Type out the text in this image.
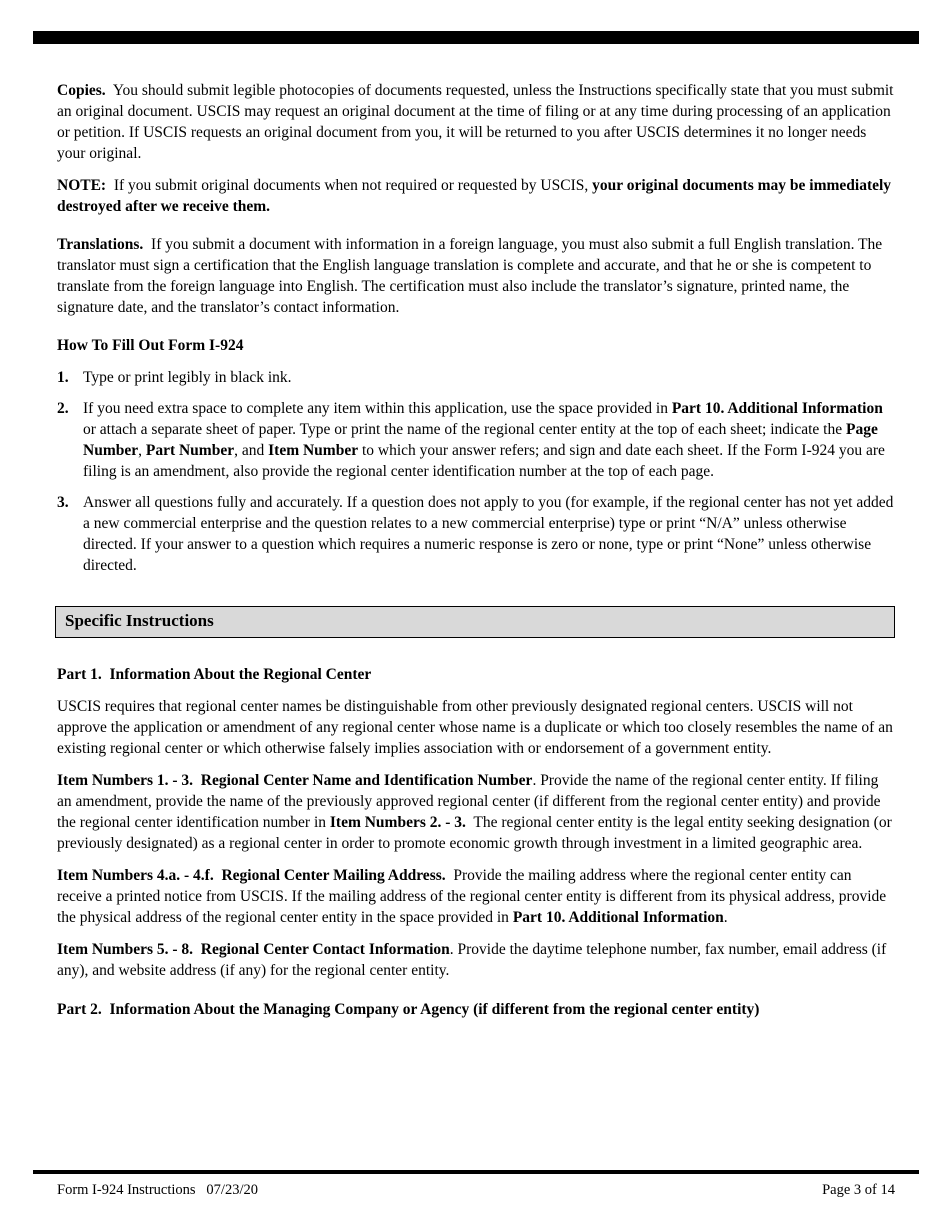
Copies.  You should submit legible photocopies of documents requested, unless the Instructions specifically state that you must submit an original document. USCIS may request an original document at the time of filing or at any time during processing of an application or petition. If USCIS requests an original document from you, it will be returned to you after USCIS determines it no longer needs your original.

NOTE:  If you submit original documents when not required or requested by USCIS, your original documents may be immediately destroyed after we receive them.

Translations.  If you submit a document with information in a foreign language, you must also submit a full English translation. The translator must sign a certification that the English language translation is complete and accurate, and that he or she is competent to translate from the foreign language into English. The certification must also include the translator’s signature, printed name, the signature date, and the translator’s contact information.

How To Fill Out Form I-924
1. Type or print legibly in black ink.
2. If you need extra space to complete any item within this application, use the space provided in Part 10. Additional Information or attach a separate sheet of paper. Type or print the name of the regional center entity at the top of each sheet; indicate the Page Number, Part Number, and Item Number to which your answer refers; and sign and date each sheet. If the Form I-924 you are filing is an amendment, also provide the regional center identification number at the top of each page.
3. Answer all questions fully and accurately. If a question does not apply to you (for example, if the regional center has not yet added a new commercial enterprise and the question relates to a new commercial enterprise) type or print “N/A” unless otherwise directed. If your answer to a question which requires a numeric response is zero or none, type or print “None” unless otherwise directed.
Specific Instructions
Part 1.  Information About the Regional Center

USCIS requires that regional center names be distinguishable from other previously designated regional centers. USCIS will not approve the application or amendment of any regional center whose name is a duplicate or which too closely resembles the name of an existing regional center or which otherwise falsely implies association with or endorsement of a government entity.

Item Numbers 1. - 3.  Regional Center Name and Identification Number. Provide the name of the regional center entity. If filing an amendment, provide the name of the previously approved regional center (if different from the regional center entity) and provide the regional center identification number in Item Numbers 2. - 3.  The regional center entity is the legal entity seeking designation (or previously designated) as a regional center in order to promote economic growth through investment in a limited geographic area.

Item Numbers 4.a. - 4.f.  Regional Center Mailing Address.  Provide the mailing address where the regional center entity can receive a printed notice from USCIS. If the mailing address of the regional center entity is different from its physical address, provide the physical address of the regional center entity in the space provided in Part 10. Additional Information.

Item Numbers 5. - 8.  Regional Center Contact Information. Provide the daytime telephone number, fax number, email address (if any), and website address (if any) for the regional center entity.

Part 2.  Information About the Managing Company or Agency (if different from the regional center entity)
Form I-924 Instructions   07/23/20	Page 3 of 14
